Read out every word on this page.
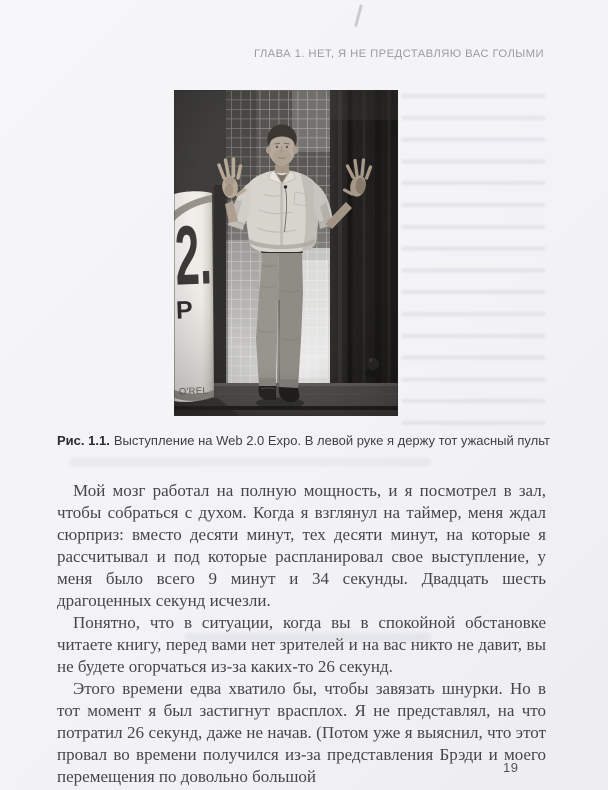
ГЛАВА 1. НЕТ, Я НЕ ПРЕДСТАВЛЯЮ ВАС ГОЛЫМИ
Рис. 1.1. Выступление на Web 2.0 Expo. В левой руке я держу тот ужасный пульт

Мой мозг работал на полную мощность, и я посмотрел в зал, чтобы собраться с духом. Когда я взглянул на таймер, меня ждал сюрприз: вместо десяти минут, тех десяти минут, на которые я рассчитывал и под которые распланировал свое выступление, у меня было всего 9 минут и 34 секунды. Двадцать шесть драгоценных секунд исчезли.

Понятно, что в ситуации, когда вы в спокойной обстановке читаете книгу, перед вами нет зрителей и на вас никто не давит, вы не будете огорчаться из-за каких-то 26 секунд.

Этого времени едва хватило бы, чтобы завязать шнурки. Но в тот момент я был застигнут врасплох. Я не представлял, на что потратил 26 секунд, даже не начав. (Потом уже я выяснил, что этот провал во времени получился из-за представления Брэди и моего перемещения по довольно большой	19
